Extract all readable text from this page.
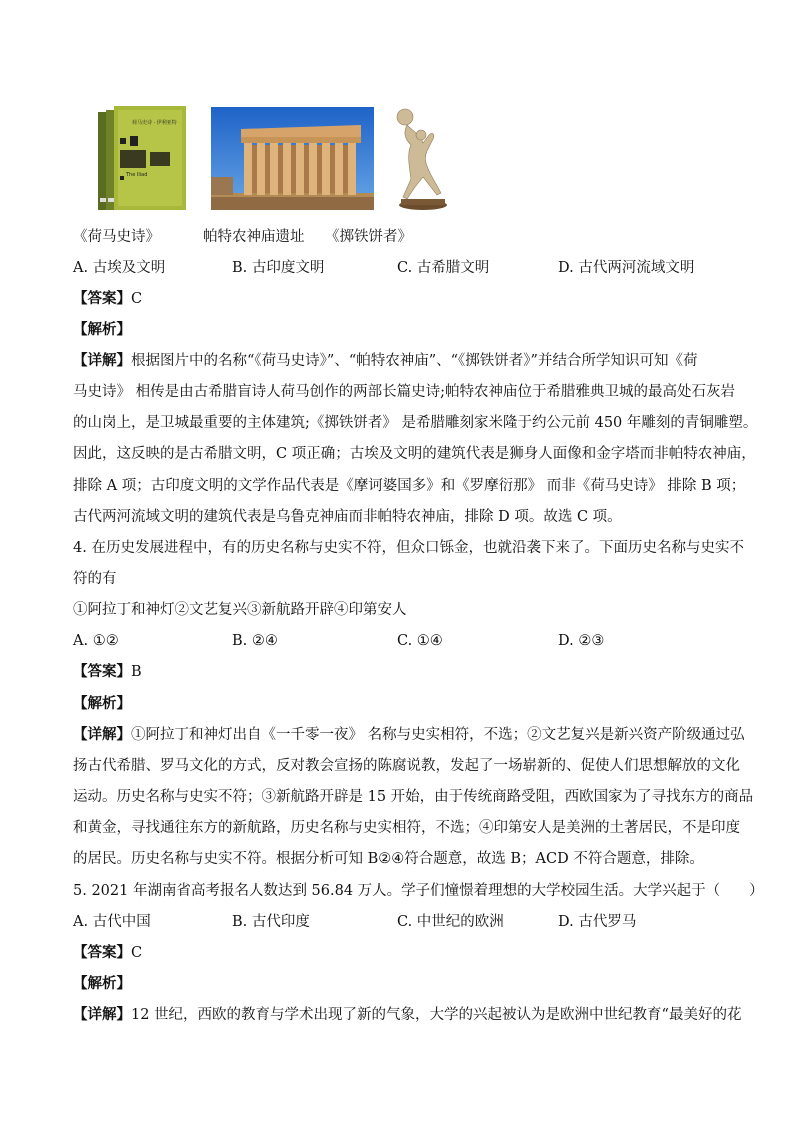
荷马史诗 · 伊利亚特
The Iliad
《荷马史诗》	帕特农神庙遗址 《掷铁饼者》
A. 古埃及文明	B. 古印度文明	C. 古希腊文明	D. 古代两河流域文明
【答案】C
【解析】
【详解】根据图片中的名称“《荷马史诗》”、“帕特农神庙”、“《掷铁饼者》”并结合所学知识可知《荷
马史诗》 相传是由古希腊盲诗人荷马创作的两部长篇史诗;帕特农神庙位于希腊雅典卫城的最高处石灰岩
的山岗上，是卫城最重要的主体建筑;《掷铁饼者》 是希腊雕刻家米隆于约公元前 450 年雕刻的青铜雕塑。
因此，这反映的是古希腊文明，C 项正确；古埃及文明的建筑代表是狮身人面像和金字塔而非帕特农神庙，
排除 A 项；古印度文明的文学作品代表是《摩诃婆国多》和《罗摩衍那》 而非《荷马史诗》 排除 B 项；
古代两河流域文明的建筑代表是乌鲁克神庙而非帕特农神庙，排除 D 项。故选 C 项。
4. 在历史发展进程中，有的历史名称与史实不符，但众口铄金，也就沿袭下来了。下面历史名称与史实不
符的有
①阿拉丁和神灯②文艺复兴③新航路开辟④印第安人
A. ①②	B. ②④	C. ①④	D. ②③
【答案】B
【解析】
【详解】①阿拉丁和神灯出自《一千零一夜》 名称与史实相符，不选；②文艺复兴是新兴资产阶级通过弘
扬古代希腊、罗马文化的方式，反对教会宣扬的陈腐说教，发起了一场崭新的、促使人们思想解放的文化
运动。历史名称与史实不符；③新航路开辟是 15 开始，由于传统商路受阻，西欧国家为了寻找东方的商品
和黄金，寻找通往东方的新航路，历史名称与史实相符，不选；④印第安人是美洲的土著居民，不是印度
的居民。历史名称与史实不符。根据分析可知 B②④符合题意，故选 B；ACD 不符合题意，排除。
5. 2021 年湖南省高考报名人数达到 56.84 万人。学子们憧憬着理想的大学校园生活。大学兴起于（　　）
A. 古代中国	B. 古代印度	C. 中世纪的欧洲	D. 古代罗马
【答案】C
【解析】
【详解】12 世纪，西欧的教育与学术出现了新的气象，大学的兴起被认为是欧洲中世纪教育“最美好的花
